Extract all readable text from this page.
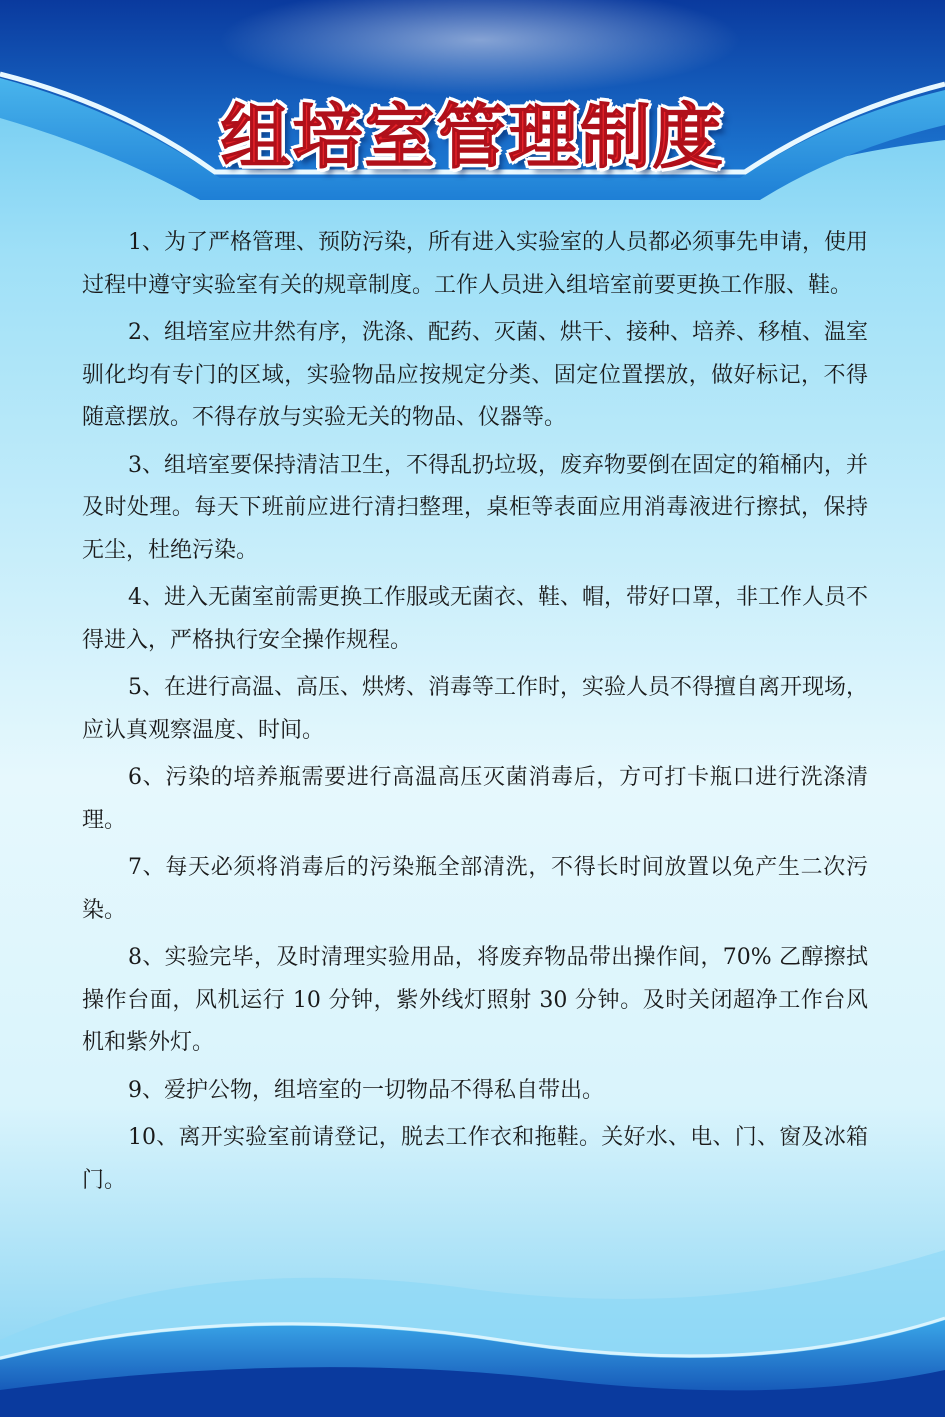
组培室管理制度

1、为了严格管理、预防污染，所有进入实验室的人员都必须事先申请，使用过程中遵守实验室有关的规章制度。工作人员进入组培室前要更换工作服、鞋。

2、组培室应井然有序，洗涤、配药、灭菌、烘干、接种、培养、移植、温室驯化均有专门的区域，实验物品应按规定分类、固定位置摆放，做好标记，不得随意摆放。不得存放与实验无关的物品、仪器等。

3、组培室要保持清洁卫生，不得乱扔垃圾，废弃物要倒在固定的箱桶内，并及时处理。每天下班前应进行清扫整理，桌柜等表面应用消毒液进行擦拭，保持无尘，杜绝污染。

4、进入无菌室前需更换工作服或无菌衣、鞋、帽，带好口罩，非工作人员不得进入，严格执行安全操作规程。

5、在进行高温、高压、烘烤、消毒等工作时，实验人员不得擅自离开现场，应认真观察温度、时间。

6、污染的培养瓶需要进行高温高压灭菌消毒后，方可打卡瓶口进行洗涤清理。

7、每天必须将消毒后的污染瓶全部清洗，不得长时间放置以免产生二次污染。

8、实验完毕，及时清理实验用品，将废弃物品带出操作间，70% 乙醇擦拭操作台面，风机运行 10 分钟，紫外线灯照射 30 分钟。及时关闭超净工作台风机和紫外灯。

9、爱护公物，组培室的一切物品不得私自带出。

10、离开实验室前请登记，脱去工作衣和拖鞋。关好水、电、门、窗及冰箱门。
